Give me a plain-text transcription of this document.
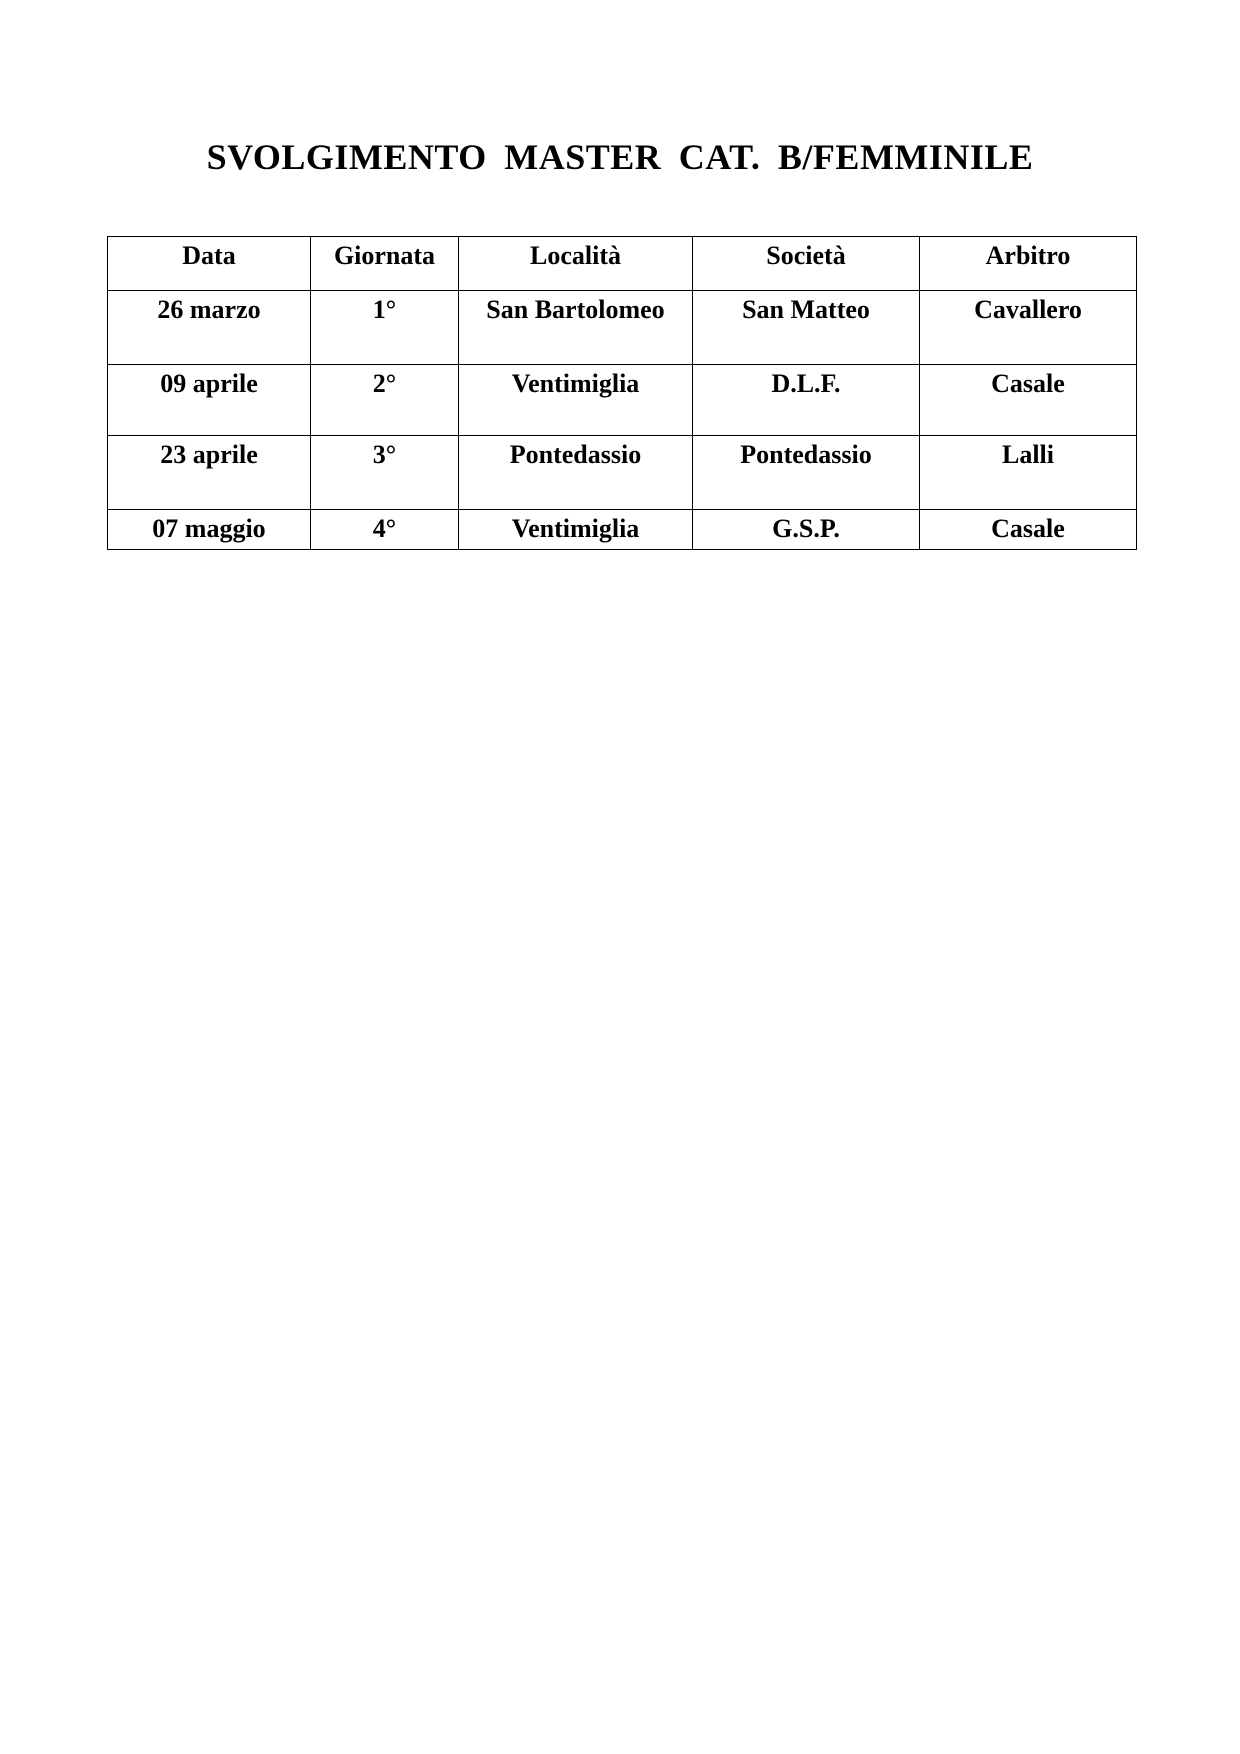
SVOLGIMENTO MASTER CAT. B/FEMMINILE
Data	Giornata	Località	Società	Arbitro
26 marzo	1°	San Bartolomeo	San Matteo	Cavallero
09 aprile	2°	Ventimiglia	D.L.F.	Casale
23 aprile	3°	Pontedassio	Pontedassio	Lalli
07 maggio	4°	Ventimiglia	G.S.P.	Casale
